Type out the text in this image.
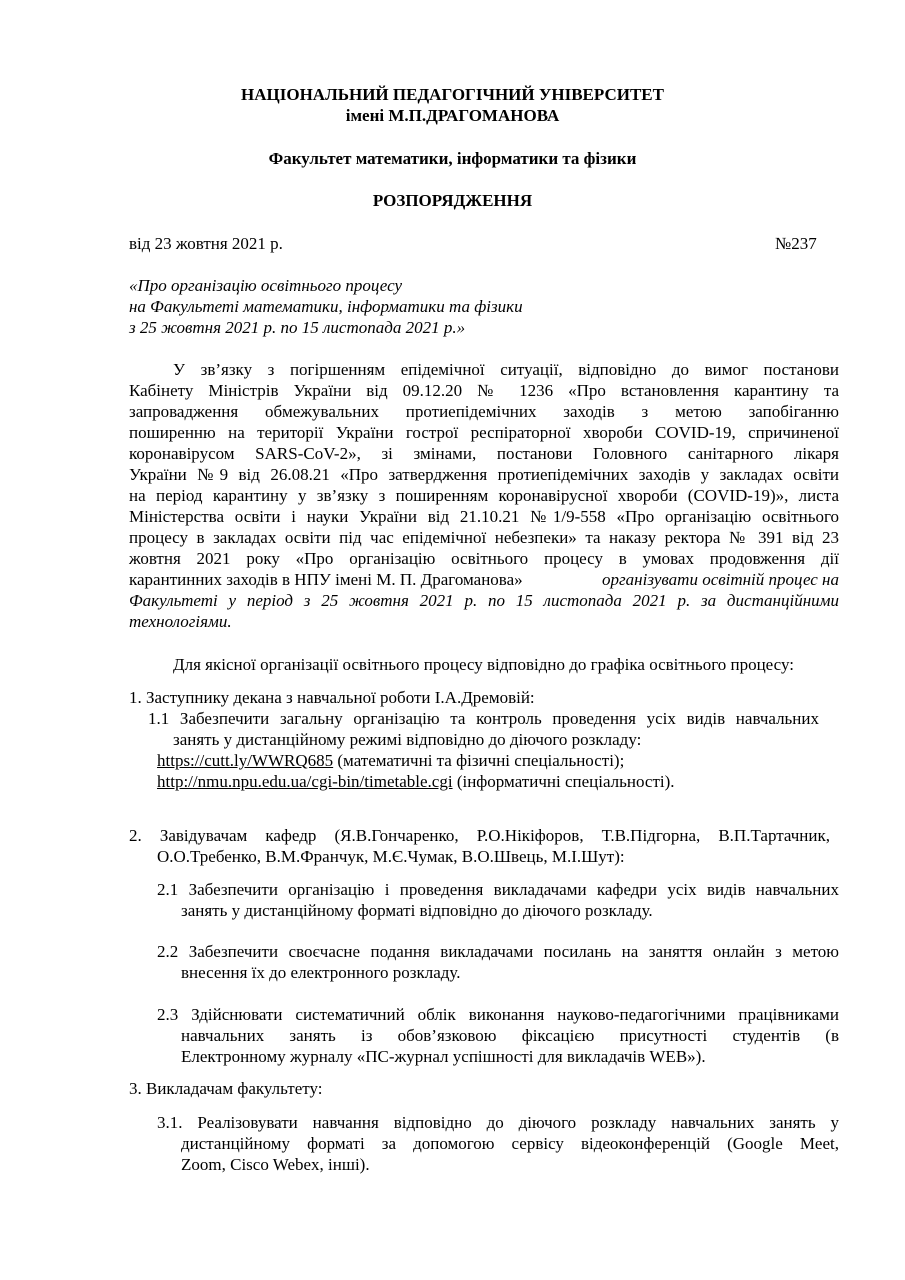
НАЦІОНАЛЬНИЙ ПЕДАГОГІЧНИЙ УНІВЕРСИТЕТ
імені М.П.ДРАГОМАНОВА
Факультет математики, інформатики та фізики
РОЗПОРЯДЖЕННЯ
від 23 жовтня 2021 р.	№237
«Про організацію освітнього процесу
на Факультеті математики, інформатики та фізики
з 25 жовтня 2021 р. по 15 листопада 2021 р.»
У зв’язку з погіршенням епідемічної ситуації, відповідно до вимог постанови
Кабінету Міністрів України від 09.12.20 № 1236 «Про встановлення карантину та
запровадження обмежувальних протиепідемічних заходів з метою запобіганню
поширенню на території України гострої респіраторної хвороби COVID-19, спричиненої
коронавірусом SARS-CoV-2», зі змінами, постанови Головного санітарного лікаря
України №9 від 26.08.21 «Про затвердження протиепідемічних заходів у закладах освіти
на період карантину у зв’язку з поширенням коронавірусної хвороби (COVID-19)», листа
Міністерства освіти і науки України від 21.10.21 №1/9-558 «Про організацію освітнього
процесу в закладах освіти під час епідемічної небезпеки» та наказу ректора № 391 від 23
жовтня 2021 року «Про організацію освітнього процесу в умовах продовження дії
карантинних заходів в НПУ імені М. П. Драгоманова»	організувати освітній процес на
Факультеті у період з 25 жовтня 2021 р. по 15 листопада 2021 р. за дистанційними
технологіями.
Для якісної організації освітнього процесу відповідно до графіка освітнього процесу:
1. Заступнику декана з навчальної роботи І.А.Дремовій:
1.1 Забезпечити загальну організацію та контроль проведення усіх видів навчальних
занять у дистанційному режимі відповідно до діючого розкладу:
https://cutt.ly/WWRQ685 (математичні та фізичні спеціальності);
http://nmu.npu.edu.ua/cgi-bin/timetable.cgi (інформатичні спеціальності).
2. Завідувачам кафедр (Я.В.Гончаренко, Р.О.Нікіфоров, Т.В.Підгорна, В.П.Тартачник,
О.О.Требенко, В.М.Франчук, М.Є.Чумак, В.О.Швець, М.І.Шут):
2.1 Забезпечити організацію і проведення викладачами кафедри усіх видів навчальних
занять у дистанційному форматі відповідно до діючого розкладу.
2.2 Забезпечити своєчасне подання викладачами посилань на заняття онлайн з метою
внесення їх до електронного розкладу.
2.3 Здійснювати систематичний облік виконання науково-педагогічними працівниками
навчальних занять із обов’язковою фіксацією присутності студентів (в
Електронному журналу «ПС-журнал успішності для викладачів WEB»).
3. Викладачам факультету:
3.1. Реалізовувати навчання відповідно до діючого розкладу навчальних занять у
дистанційному форматі за допомогою сервісу відеоконференцій (Google Meet,
Zoom, Cisco Webex, інші).
